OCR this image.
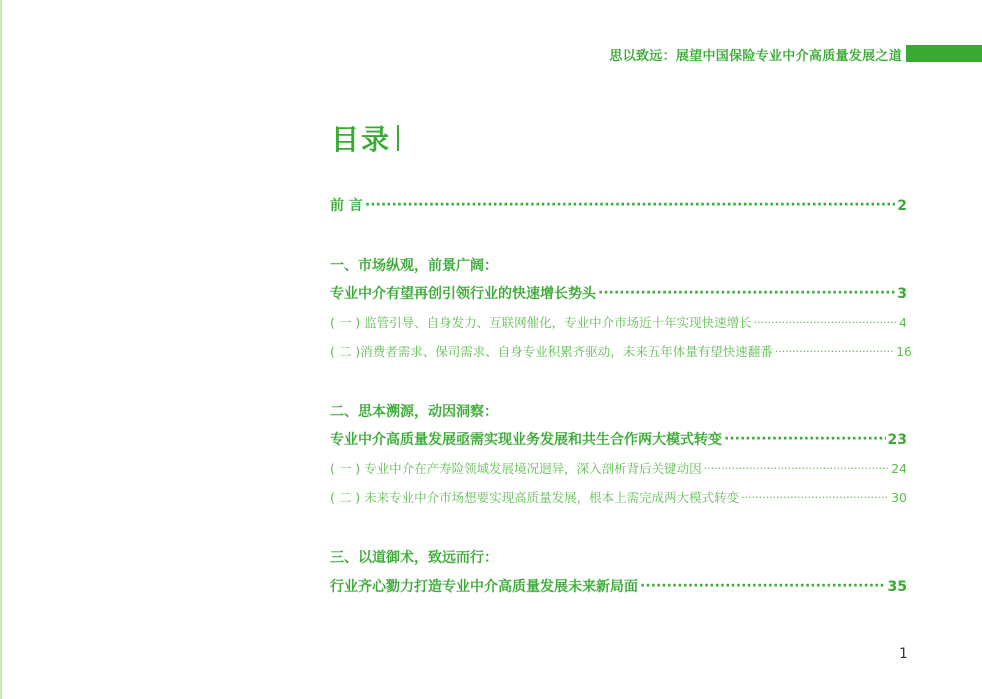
思以致远：展望中国保险专业中介高质量发展之道
目录
前 言 ·····	2
一、市场纵观，前景广阔：
专业中介有望再创引领行业的快速增长势头 ·····	3
( 一 ) 监管引导、自身发力、互联网催化，专业中介市场近十年实现快速增长 ·····	4
( 二 )消费者需求、保司需求、自身专业积累齐驱动，未来五年体量有望快速翻番 ·····	16
二、思本溯源，动因洞察：
专业中介高质量发展亟需实现业务发展和共生合作两大模式转变 ·····	23
( 一 ) 专业中介在产寿险领域发展境况迥异，深入剖析背后关键动因 ·····	24
( 二 ) 未来专业中介市场想要实现高质量发展，根本上需完成两大模式转变 ·····	30
三、以道御术，致远而行：
行业齐心勠力打造专业中介高质量发展未来新局面 ·····	35
1
